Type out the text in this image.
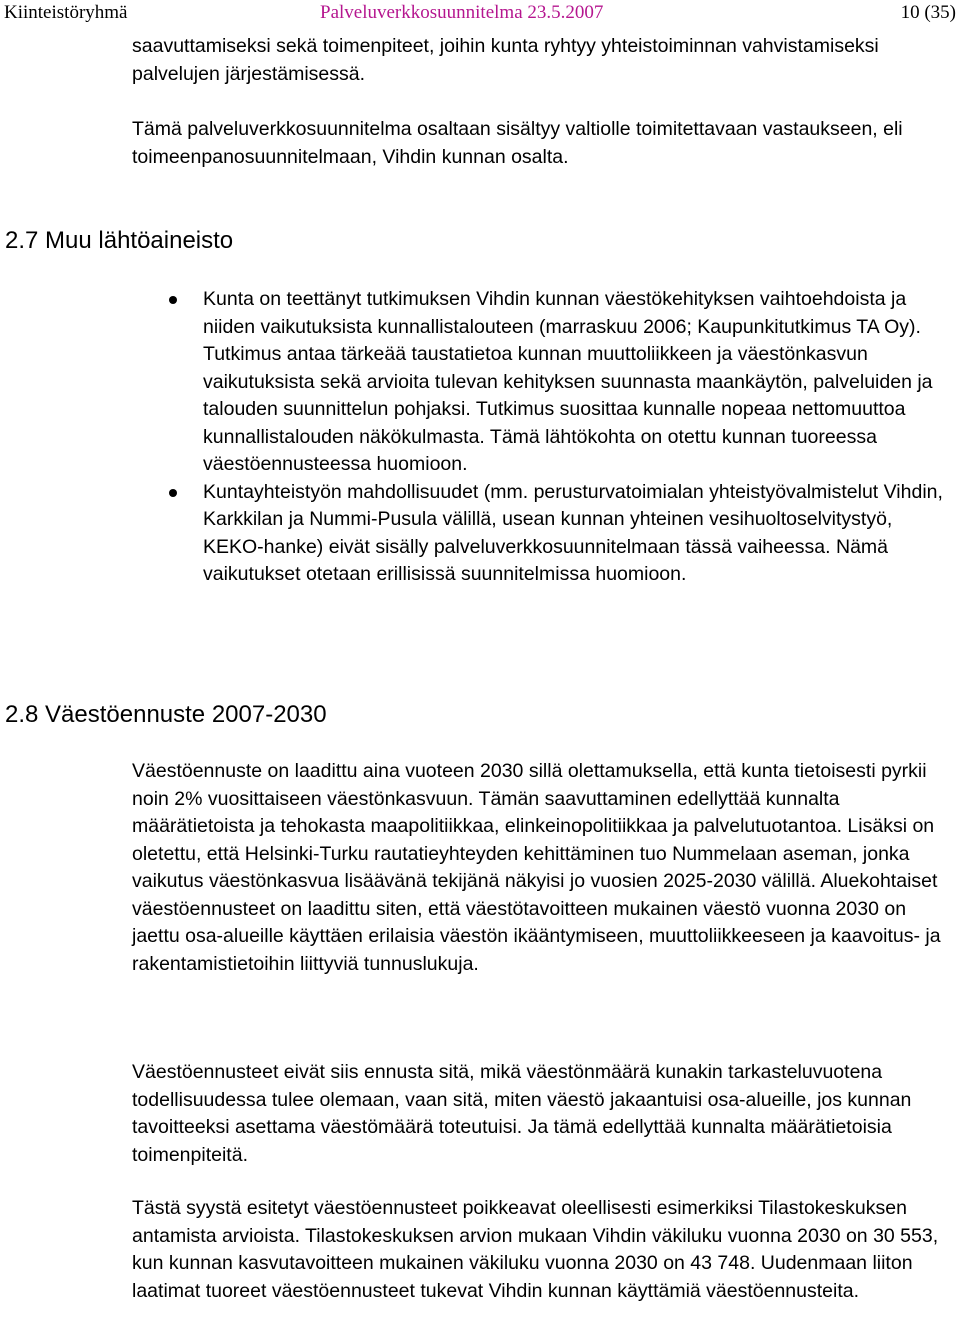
Kiinteistöryhmä	Palveluverkkosuunnitelma 23.5.2007	10 (35)

saavuttamiseksi sekä toimenpiteet, joihin kunta ryhtyy yhteistoiminnan vahvistamiseksi palvelujen järjestämisessä.

Tämä palveluverkkosuunnitelma osaltaan sisältyy valtiolle toimitettavaan vastaukseen, eli toimeenpanosuunnitelmaan, Vihdin kunnan osalta.

2.7 Muu lähtöaineisto
Kunta on teettänyt tutkimuksen Vihdin kunnan väestökehityksen vaihtoehdoista ja niiden vaikutuksista kunnallistalouteen (marraskuu 2006; Kaupunkitutkimus TA Oy). Tutkimus antaa tärkeää taustatietoa kunnan muuttoliikkeen ja väestönkasvun vaikutuksista sekä arvioita tulevan kehityksen suunnasta maankäytön, palveluiden ja talouden suunnittelun pohjaksi. Tutkimus suosittaa kunnalle nopeaa nettomuuttoa kunnallistalouden näkökulmasta. Tämä lähtökohta on otettu kunnan tuoreessa väestöennusteessa huomioon.
Kuntayhteistyön mahdollisuudet (mm. perusturvatoimialan yhteistyövalmistelut Vihdin, Karkkilan ja Nummi-Pusula välillä, usean kunnan yhteinen vesihuoltoselvitystyö, KEKO-hanke) eivät sisälly palveluverkkosuunnitelmaan tässä vaiheessa. Nämä vaikutukset otetaan erillisissä suunnitelmissa huomioon.
2.8 Väestöennuste 2007-2030

Väestöennuste on laadittu aina vuoteen 2030 sillä olettamuksella, että kunta tietoisesti pyrkii noin 2% vuosittaiseen väestönkasvuun. Tämän saavuttaminen edellyttää kunnalta määrätietoista ja tehokasta maapolitiikkaa, elinkeinopolitiikkaa ja palvelutuotantoa. Lisäksi on oletettu, että Helsinki-Turku rautatieyhteyden kehittäminen tuo Nummelaan aseman, jonka vaikutus väestönkasvua lisäävänä tekijänä näkyisi jo vuosien 2025-2030 välillä. Aluekohtaiset väestöennusteet on laadittu siten, että väestötavoitteen mukainen väestö vuonna 2030 on jaettu osa-alueille käyttäen erilaisia väestön ikääntymiseen, muuttoliikkeeseen ja kaavoitus- ja rakentamistietoihin liittyviä tunnuslukuja.

Väestöennusteet eivät siis ennusta sitä, mikä väestönmäärä kunakin tarkasteluvuotena todellisuudessa tulee olemaan, vaan sitä, miten väestö jakaantuisi osa-alueille, jos kunnan tavoitteeksi asettama väestömäärä toteutuisi. Ja tämä edellyttää kunnalta määrätietoisia toimenpiteitä.

Tästä syystä esitetyt väestöennusteet poikkeavat oleellisesti esimerkiksi Tilastokeskuksen antamista arvioista. Tilastokeskuksen arvion mukaan Vihdin väkiluku vuonna 2030 on 30 553, kun kunnan kasvutavoitteen mukainen väkiluku vuonna 2030 on 43 748. Uudenmaan liiton laatimat tuoreet väestöennusteet tukevat Vihdin kunnan käyttämiä väestöennusteita.
